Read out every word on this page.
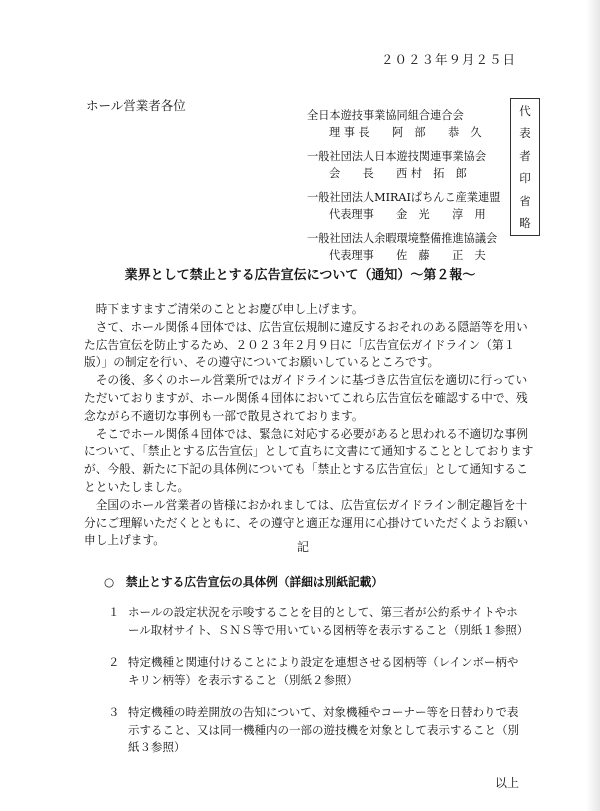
２０２３年９月２５日
ホール営業者各位
全日本遊技事業協同組合連合会
理 事 長　　阿　部　　恭　久
一般社団法人日本遊技関連事業協会
会　　長　　西 村　拓　郎
一般社団法人MIRAIぱちんこ産業連盟
代表理事　　金　光　　淳　用
一般社団法人余暇環境整備推進協議会
代表理事　　佐　藤　　正　夫
代
表
者
印
省
略
業界として禁止とする広告宣伝について（通知）〜第２報〜

時下ますますご清栄のこととお慶び申し上げます。

さて、ホール関係４団体では、広告宣伝規制に違反するおそれのある隠語等を用いた広告宣伝を防止するため、２０２３年２月９日に「広告宣伝ガイドライン（第１版）」の制定を行い、その遵守についてお願いしているところです。

その後、多くのホール営業所ではガイドラインに基づき広告宣伝を適切に行っていただいておりますが、ホール関係４団体においてこれら広告宣伝を確認する中で、残念ながら不適切な事例も一部で散見されております。

そこでホール関係４団体では、緊急に対応する必要があると思われる不適切な事例について、「禁止とする広告宣伝」として直ちに文書にて通知することとしておりますが、今般、新たに下記の具体例についても「禁止とする広告宣伝」として通知することといたしました。

全国のホール営業者の皆様におかれましては、広告宣伝ガイドライン制定趣旨を十分にご理解いただくとともに、その遵守と適正な運用に心掛けていただくようお願い申し上げます。	記
○　禁止とする広告宣伝の具体例（詳細は別紙記載）
１ ホールの設定状況を示唆することを目的として、第三者が公約系サイトやホール取材サイト、ＳＮＳ等で用いている図柄等を表示すること（別紙１参照）
２ 特定機種と関連付けることにより設定を連想させる図柄等（レインボー柄やキリン柄等）を表示すること（別紙２参照）
３ 特定機種の時差開放の告知について、対象機種やコーナー等を日替わりで表示すること、又は同一機種内の一部の遊技機を対象として表示すること（別紙３参照）
以上
